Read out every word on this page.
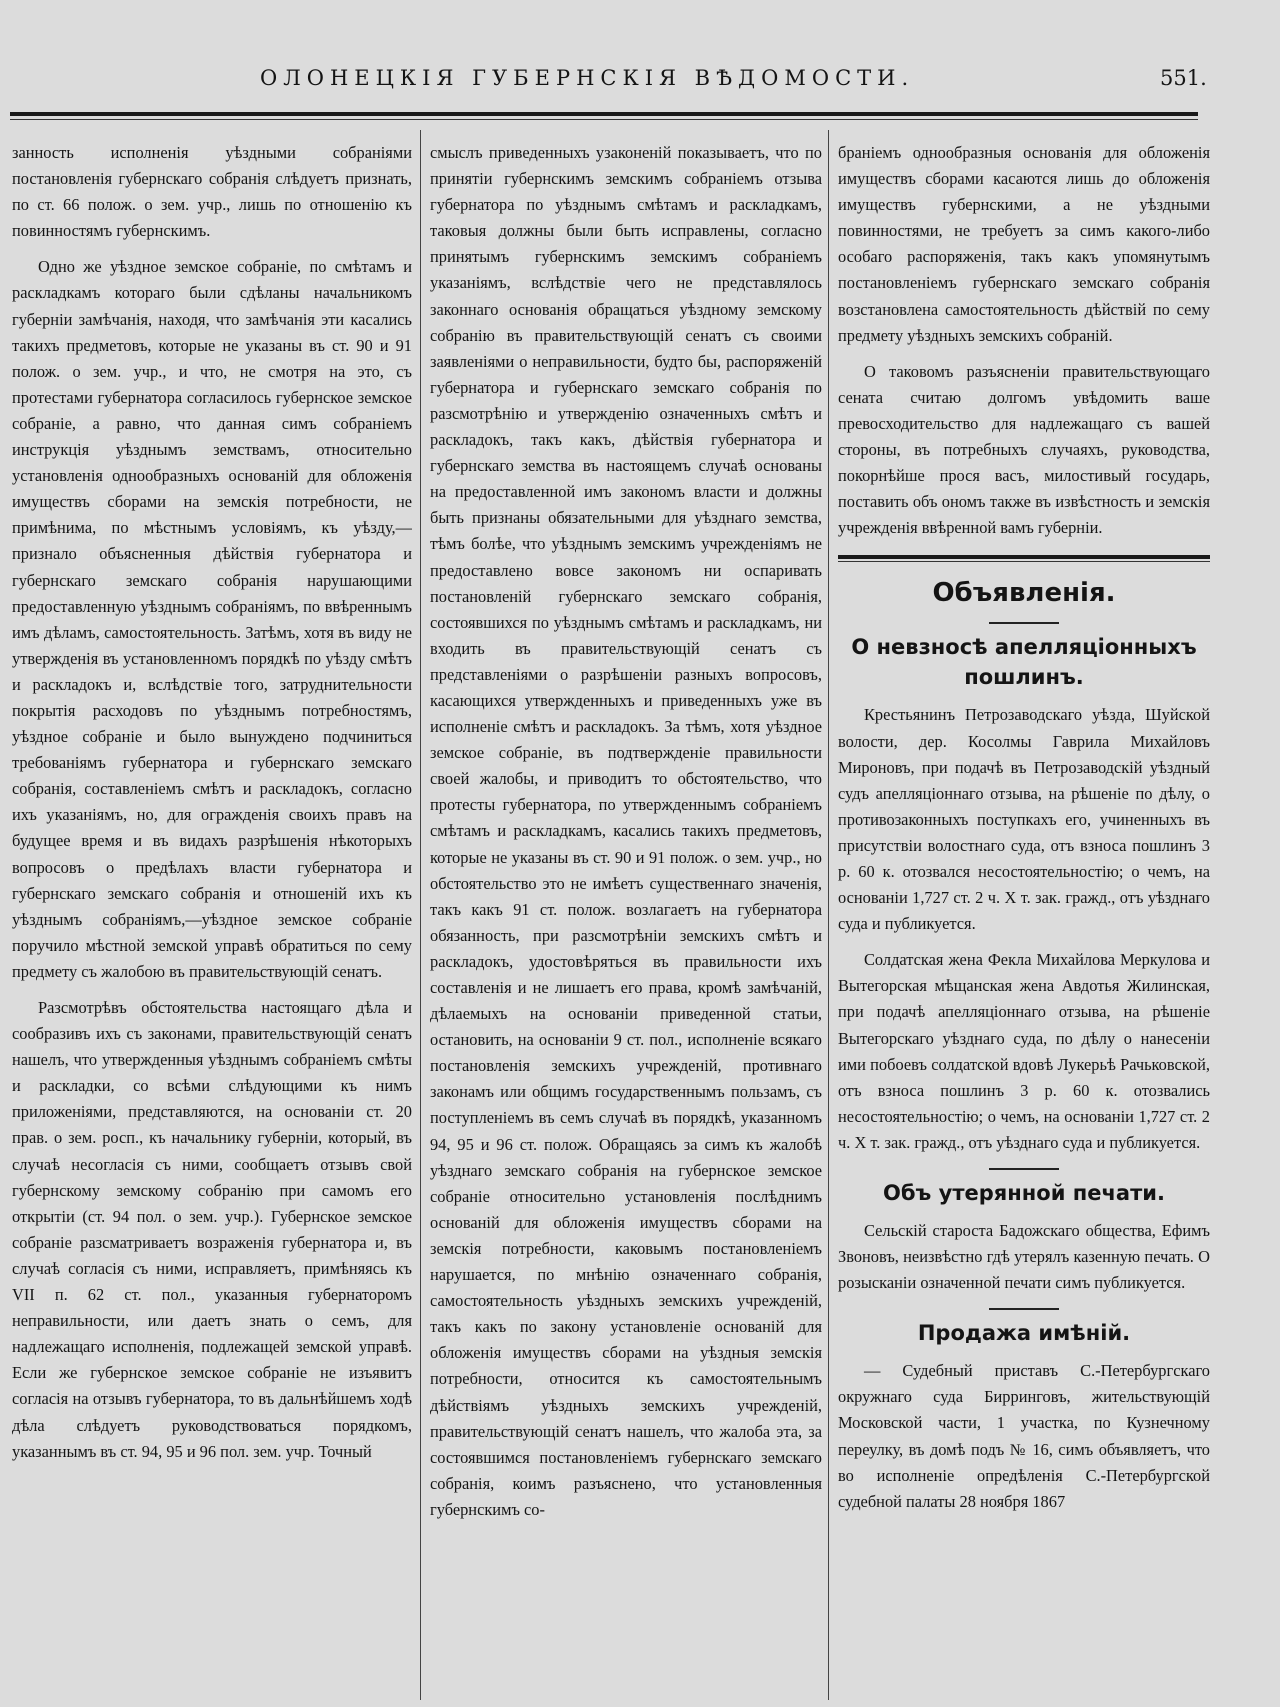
ОЛОНЕЦКІЯ ГУБЕРНСКІЯ ВѢДОМОСТИ.	551.

занность исполненія уѣздными собраніями постановленія губернскаго собранія слѣдуетъ признать, по ст. 66 полож. о зем. учр., лишь по отношенію къ повинностямъ губернскимъ.

Одно же уѣздное земское собраніе, по смѣтамъ и раскладкамъ котораго были сдѣланы начальникомъ губерніи замѣчанія, находя, что замѣчанія эти касались такихъ предметовъ, которые не указаны въ ст. 90 и 91 полож. о зем. учр., и что, не смотря на это, съ протестами губернатора согласилось губернское земское собраніе, а равно, что данная симъ собраніемъ инструкція уѣзднымъ земствамъ, относительно установленія однообразныхъ основаній для обложенія имуществъ сборами на земскія потребности, не примѣнима, по мѣстнымъ условіямъ, къ уѣзду,—признало объясненныя дѣйствія губернатора и губернскаго земскаго собранія нарушающими предоставленную уѣзднымъ собраніямъ, по ввѣреннымъ имъ дѣламъ, самостоятельность. Затѣмъ, хотя въ виду не утвержденія въ установленномъ порядкѣ по уѣзду смѣтъ и раскладокъ и, вслѣдствіе того, затруднительности покрытія расходовъ по уѣзднымъ потребностямъ, уѣздное собраніе и было вынуждено подчиниться требованіямъ губернатора и губернскаго земскаго собранія, составленіемъ смѣтъ и раскладокъ, согласно ихъ указаніямъ, но, для огражденія своихъ правъ на будущее время и въ видахъ разрѣшенія нѣкоторыхъ вопросовъ о предѣлахъ власти губернатора и губернскаго земскаго собранія и отношеній ихъ къ уѣзднымъ собраніямъ,—уѣздное земское собраніе поручило мѣстной земской управѣ обратиться по сему предмету съ жалобою въ правительствующій сенатъ.

Разсмотрѣвъ обстоятельства настоящаго дѣла и сообразивъ ихъ съ законами, правительствующій сенатъ нашелъ, что утвержденныя уѣзднымъ собраніемъ смѣты и раскладки, со всѣми слѣдующими къ нимъ приложеніями, представляются, на основаніи ст. 20 прав. о зем. росп., къ начальнику губерніи, который, въ случаѣ несогласія съ ними, сообщаетъ отзывъ свой губернскому земскому собранію при самомъ его открытіи (ст. 94 пол. о зем. учр.). Губернское земское собраніе разсматриваетъ возраженія губернатора и, въ случаѣ согласія съ ними, исправляетъ, примѣняясь къ VII п. 62 ст. пол., указанныя губернаторомъ неправильности, или даетъ знать о семъ, для надлежащаго исполненія, подлежащей земской управѣ. Если же губернское земское собраніе не изъявитъ согласія на отзывъ губернатора, то въ дальнѣйшемъ ходѣ дѣла слѣдуетъ руководствоваться порядкомъ, указаннымъ въ ст. 94, 95 и 96 пол. зем. учр. Точный

смыслъ приведенныхъ узаконеній показываетъ, что по принятіи губернскимъ земскимъ собраніемъ отзыва губернатора по уѣзднымъ смѣтамъ и раскладкамъ, таковыя должны были быть исправлены, согласно принятымъ губернскимъ земскимъ собраніемъ указаніямъ, вслѣдствіе чего не представлялось законнаго основанія обращаться уѣздному земскому собранію въ правительствующій сенатъ съ своими заявленіями о неправильности, будто бы, распоряженій губернатора и губернскаго земскаго собранія по разсмотрѣнію и утвержденію означенныхъ смѣтъ и раскладокъ, такъ какъ, дѣйствія губернатора и губернскаго земства въ настоящемъ случаѣ основаны на предоставленной имъ закономъ власти и должны быть признаны обязательными для уѣзднаго земства, тѣмъ болѣе, что уѣзднымъ земскимъ учрежденіямъ не предоставлено вовсе закономъ ни оспаривать постановленій губернскаго земскаго собранія, состоявшихся по уѣзднымъ смѣтамъ и раскладкамъ, ни входить въ правительствующій сенатъ съ представленіями о разрѣшеніи разныхъ вопросовъ, касающихся утвержденныхъ и приведенныхъ уже въ исполненіе смѣтъ и раскладокъ. За тѣмъ, хотя уѣздное земское собраніе, въ подтвержденіе правильности своей жалобы, и приводитъ то обстоятельство, что протесты губернатора, по утвержденнымъ собраніемъ смѣтамъ и раскладкамъ, касались такихъ предметовъ, которые не указаны въ ст. 90 и 91 полож. о зем. учр., но обстоятельство это не имѣетъ существеннаго значенія, такъ какъ 91 ст. полож. возлагаетъ на губернатора обязанность, при разсмотрѣніи земскихъ смѣтъ и раскладокъ, удостовѣряться въ правильности ихъ составленія и не лишаетъ его права, кромѣ замѣчаній, дѣлаемыхъ на основаніи приведенной статьи, остановить, на основаніи 9 ст. пол., исполненіе всякаго постановленія земскихъ учрежденій, противнаго законамъ или общимъ государственнымъ пользамъ, съ поступленіемъ въ семъ случаѣ въ порядкѣ, указанномъ 94, 95 и 96 ст. полож. Обращаясь за симъ къ жалобѣ уѣзднаго земскаго собранія на губернское земское собраніе относительно установленія послѣднимъ основаній для обложенія имуществъ сборами на земскія потребности, каковымъ постановленіемъ нарушается, по мнѣнію означеннаго собранія, самостоятельность уѣздныхъ земскихъ учрежденій, такъ какъ по закону установленіе основаній для обложенія имуществъ сборами на уѣздныя земскія потребности, относится къ самостоятельнымъ дѣйствіямъ уѣздныхъ земскихъ учрежденій, правительствующій сенатъ нашелъ, что жалоба эта, за состоявшимся постановленіемъ губернскаго земскаго собранія, коимъ разъяснено, что установленныя губернскимъ со-

браніемъ однообразныя основанія для обложенія имуществъ сборами касаются лишь до обложенія имуществъ губернскими, а не уѣздными повинностями, не требуетъ за симъ какого-либо особаго распоряженія, такъ какъ упомянутымъ постановленіемъ губернскаго земскаго собранія возстановлена самостоятельность дѣйствій по сему предмету уѣздныхъ земскихъ собраній.

О таковомъ разъясненіи правительствующаго сената считаю долгомъ увѣдомить ваше превосходительство для надлежащаго съ вашей стороны, въ потребныхъ случаяхъ, руководства, покорнѣйше прося васъ, милостивый государь, поставить объ ономъ также въ извѣстность и земскія учрежденія ввѣренной вамъ губерніи.

Объявленія.
О невзносѣ апелляціонныхъ пошлинъ.

Крестьянинъ Петрозаводскаго уѣзда, Шуйской волости, дер. Косолмы Гаврила Михайловъ Мироновъ, при подачѣ въ Петрозаводскій уѣздный судъ апелляціоннаго отзыва, на рѣшеніе по дѣлу, о противозаконныхъ поступкахъ его, учиненныхъ въ присутствіи волостнаго суда, отъ взноса пошлинъ 3 р. 60 к. отозвался несостоятельностію; о чемъ, на основаніи 1,727 ст. 2 ч. X т. зак. гражд., отъ уѣзднаго суда и публикуется.

Солдатская жена Фекла Михайлова Меркулова и Вытегорская мѣщанская жена Авдотья Жилинская, при подачѣ апелляціоннаго отзыва, на рѣшеніе Вытегорскаго уѣзднаго суда, по дѣлу о нанесеніи ими побоевъ солдатской вдовѣ Лукерьѣ Рачьковской, отъ взноса пошлинъ 3 р. 60 к. отозвались несостоятельностію; о чемъ, на основаніи 1,727 ст. 2 ч. X т. зак. гражд., отъ уѣзднаго суда и публикуется.

Объ утерянной печати.

Сельскій староста Бадожскаго общества, Ефимъ Звоновъ, неизвѣстно гдѣ утерялъ казенную печать. О розысканіи означенной печати симъ публикуется.

Продажа имѣній.

— Судебный приставъ С.-Петербургскаго окружнаго суда Бирринговъ, жительствующій Московской части, 1 участка, по Кузнечному переулку, въ домѣ подъ № 16, симъ объявляетъ, что во исполненіе опредѣленія С.-Петербургской судебной палаты 28 ноября 1867
